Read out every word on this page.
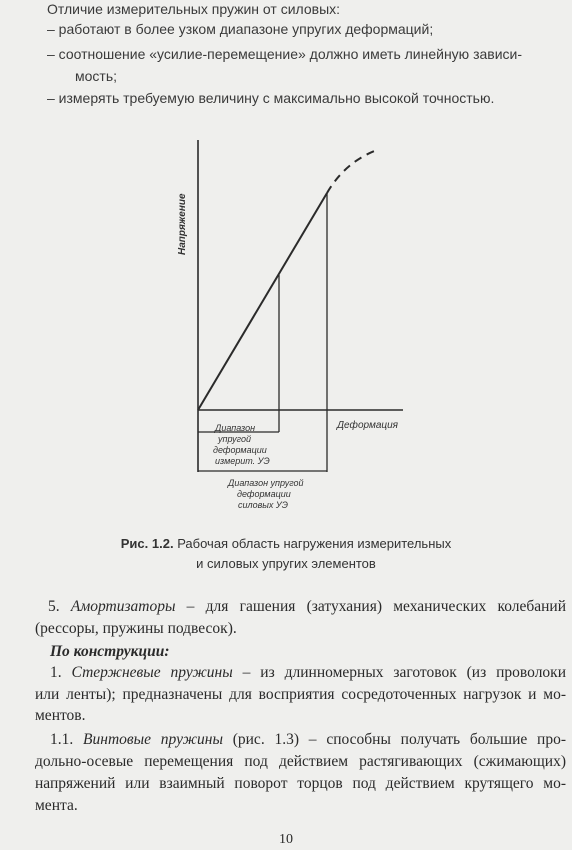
Отличие измерительных пружин от силовых:
– работают в более узком диапазоне упругих деформаций;
– соотношение «усилие-перемещение» должно иметь линейную зависи-
мость;
– измерять требуемую величину с максимально высокой точностью.
Напряжение
Деформация
Диапазон
упругой
деформации
измерит. УЭ
Диапазон упругой
деформации
силовых УЭ
Рис. 1.2. Рабочая область нагружения измерительных
и силовых упругих элементов
5. Амортизаторы – для гашения (затухания) механических колебаний
(рессоры, пружины подвесок).
По конструкции:
1. Стержневые пружины – из длинномерных заготовок (из проволоки
или ленты); предназначены для восприятия сосредоточенных нагрузок и мо-
ментов.
1.1. Винтовые пружины (рис. 1.3) – способны получать большие про-
дольно-осевые перемещения под действием растягивающих (сжимающих)
напряжений или взаимный поворот торцов под действием крутящего мо-
мента.
10
